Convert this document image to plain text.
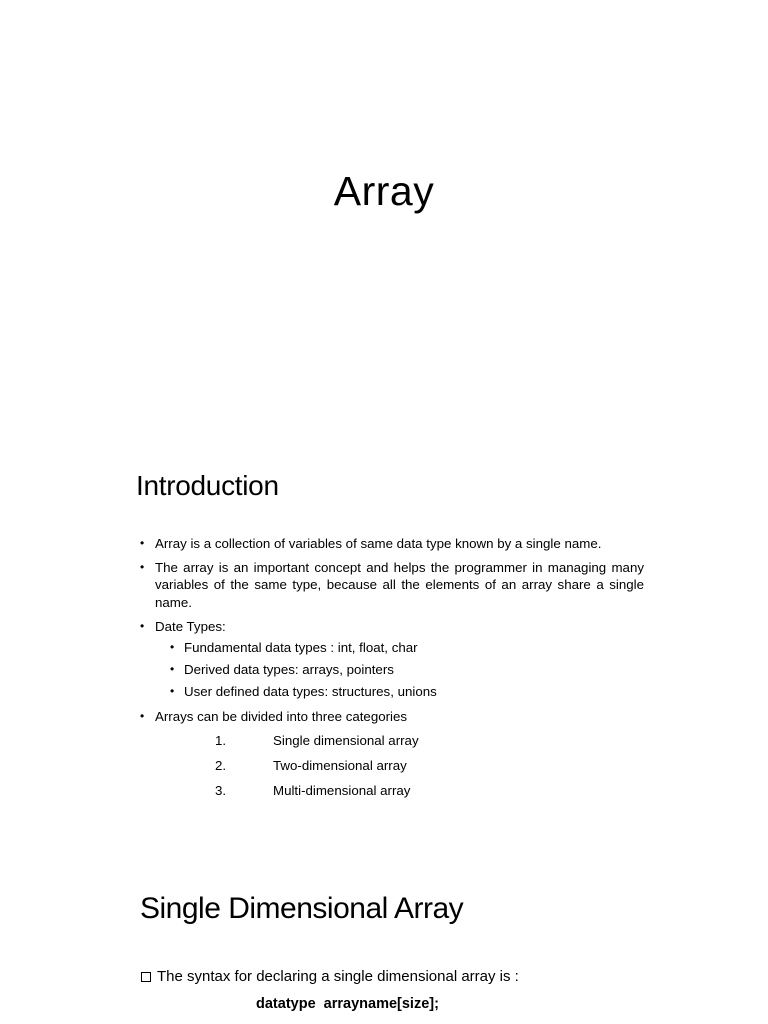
Array
Introduction
• Array is a collection of variables of same data type known by a single name.
• The array is an important concept and helps the programmer in managing many variables of the same type, because all the elements of an array share a single name.
• Date Types:
• Fundamental data types : int, float, char
• Derived data types: arrays, pointers
• User defined data types: structures, unions
• Arrays can be divided into three categories
1.	Single dimensional array
2.	Two-dimensional array
3.	Multi-dimensional array
Single Dimensional Array
The syntax for declaring a single dimensional array is :
datatype  arrayname[size];
